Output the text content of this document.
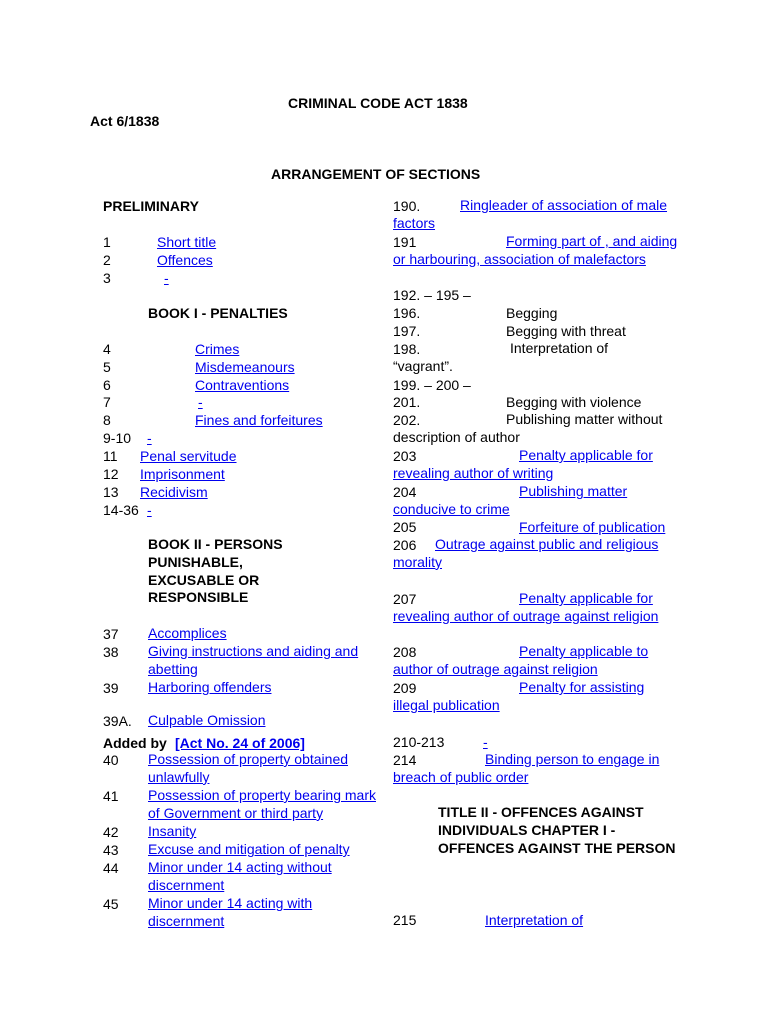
CRIMINAL CODE ACT 1838
Act 6/1838
ARRANGEMENT OF SECTIONS
PRELIMINARY
1	Short title
2	Offences
3	-
BOOK I - PENALTIES
4	Crimes
5	Misdemeanours
6	Contraventions
7	-
8	Fines and forfeitures
9-10 -
11 Penal servitude
12 Imprisonment
13 Recidivism
14-36 -
BOOK II - PERSONS PUNISHABLE, EXCUSABLE OR RESPONSIBLE
37 Accomplices
38 Giving instructions and aiding and abetting
39 Harboring offenders
39A. Culpable Omission
Added by [Act No. 24 of 2006]
40 Possession of property obtained unlawfully
41 Possession of property bearing mark of Government or third party
42 Insanity
43 Excuse and mitigation of penalty
44 Minor under 14 acting without discernment
45 Minor under 14 acting with discernment
190.	Ringleader of association of male factors
191	Forming part of , and aiding or harbouring, association of malefactors
192. – 195 –
196.	Begging
197.	Begging with threat
198.	Interpretation of “vagrant”.
199. – 200 –
201.	Begging with violence
202.	Publishing matter without description of author
203	Penalty applicable for revealing author of writing
204	Publishing matter conducive to crime
205	Forfeiture of publication
206	Outrage against public and religious morality
207	Penalty applicable for revealing author of outrage against religion
208	Penalty applicable to author of outrage against religion
209	Penalty for assisting illegal publication
210-213	-
214	Binding person to engage in breach of public order
TITLE II - OFFENCES AGAINST INDIVIDUALS CHAPTER I - OFFENCES AGAINST THE PERSON
215	Interpretation of
